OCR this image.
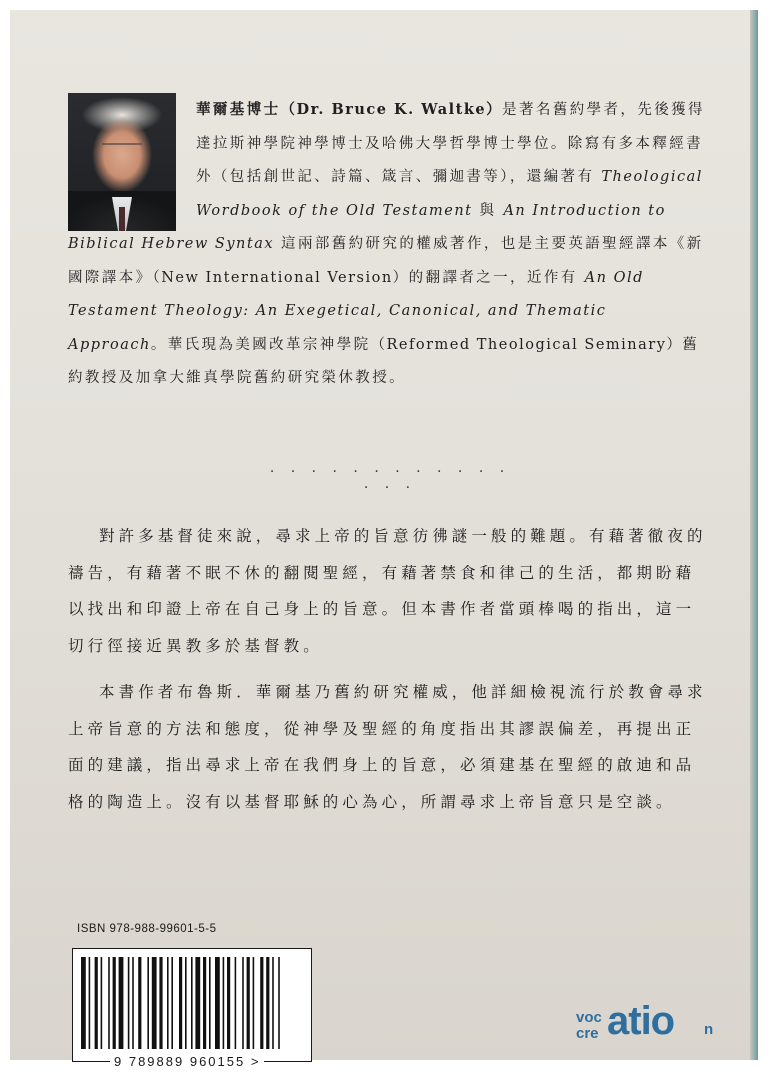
華爾基博士（Dr. Bruce K. Waltke）是著名舊約學者，先後獲得達拉斯神學院神學博士及哈佛大學哲學博士學位。除寫有多本釋經書外（包括創世記、詩篇、箴言、彌迦書等），還編著有 Theological Wordbook of the Old Testament 與 An Introduction to Biblical Hebrew Syntax 這兩部舊約研究的權威著作，也是主要英語聖經譯本《新國際譯本》（New International Version）的翻譯者之一，近作有 An Old Testament Theology: An Exegetical, Canonical, and Thematic Approach。華氏現為美國改革宗神學院（Reformed Theological Seminary）舊約教授及加拿大維真學院舊約研究榮休教授。
· · · · · · · · · · · · · · ·
對許多基督徒來說，尋求上帝的旨意彷彿謎一般的難題。有藉著徹夜的禱告，有藉著不眠不休的翻閱聖經，有藉著禁食和律己的生活，都期盼藉以找出和印證上帝在自己身上的旨意。但本書作者當頭棒喝的指出，這一切行徑接近異教多於基督教。
本書作者布魯斯．華爾基乃舊約研究權威，他詳細檢視流行於教會尋求上帝旨意的方法和態度，從神學及聖經的角度指出其謬誤偏差，再提出正面的建議，指出尋求上帝在我們身上的旨意，必須建基在聖經的啟迪和品格的陶造上。沒有以基督耶穌的心為心，所謂尋求上帝旨意只是空談。
ISBN 978-988-99601-5-5
9 789889 960155 >
voc
cre atio n
